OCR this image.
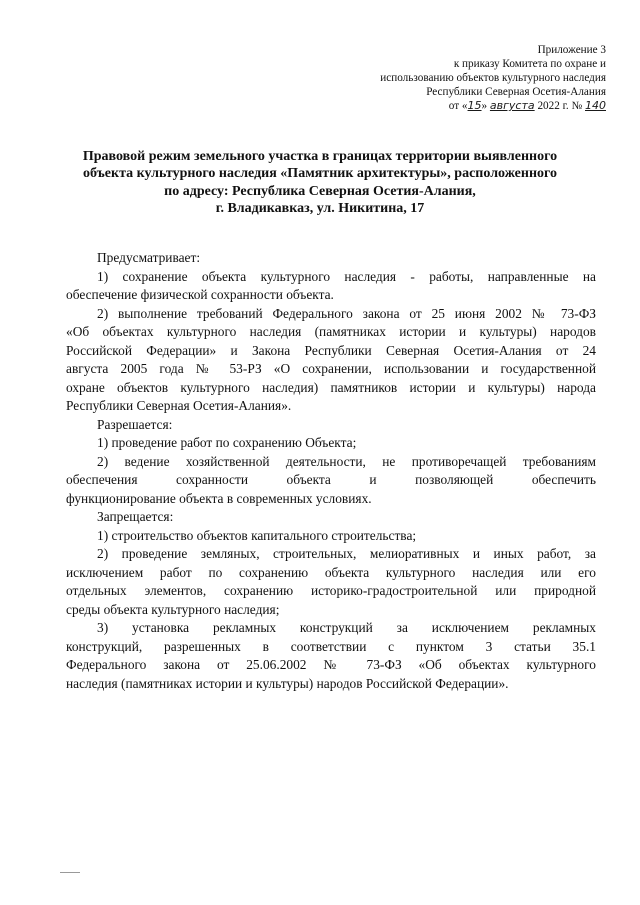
Приложение 3
к приказу Комитета по охране и
использованию объектов культурного наследия
Республики Северная Осетия-Алания
от «15» августа 2022 г. № 140
Правовой режим земельного участка в границах территории выявленного
объекта культурного наследия «Памятник архитектуры», расположенного
по адресу: Республика Северная Осетия-Алания,
г. Владикавказ, ул. Никитина, 17
Предусматривает:
1) сохранение объекта культурного наследия - работы, направленные на
обеспечение физической сохранности объекта.
2) выполнение требований Федерального закона от 25 июня 2002 № 73-ФЗ
«Об объектах культурного наследия (памятниках истории и культуры) народов
Российской Федерации» и Закона Республики Северная Осетия-Алания от 24
августа 2005 года № 53-РЗ «О сохранении, использовании и государственной
охране объектов культурного наследия) памятников истории и культуры) народа
Республики Северная Осетия-Алания».
Разрешается:
1) проведение работ по сохранению Объекта;
2) ведение хозяйственной деятельности, не противоречащей требованиям
обеспечения сохранности объекта и позволяющей обеспечить
функционирование объекта в современных условиях.
Запрещается:
1) строительство объектов капитального строительства;
2) проведение земляных, строительных, мелиоративных и иных работ, за
исключением работ по сохранению объекта культурного наследия или его
отдельных элементов, сохранению историко-градостроительной или природной
среды объекта культурного наследия;
3) установка рекламных конструкций за исключением рекламных
конструкций, разрешенных в соответствии с пунктом 3 статьи 35.1
Федерального закона от 25.06.2002 № 73-ФЗ «Об объектах культурного
наследия (памятниках истории и культуры) народов Российской Федерации».
